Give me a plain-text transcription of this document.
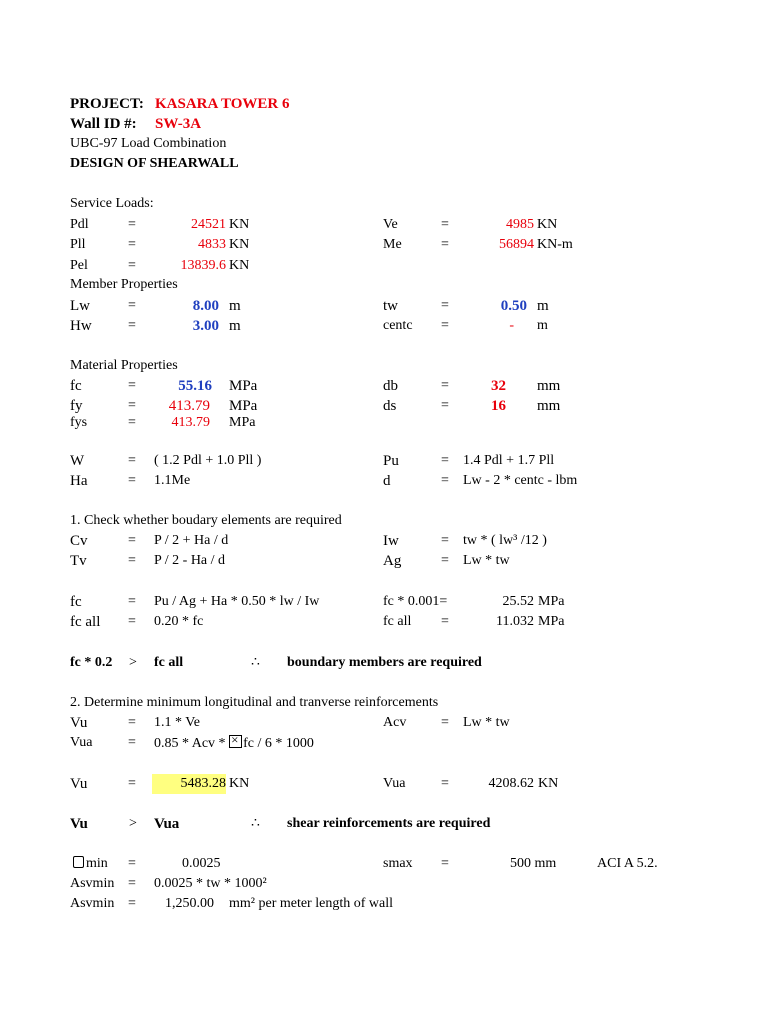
PROJECT: KASARA TOWER 6
Wall ID #: SW-3A
UBC-97 Load Combination
DESIGN OF SHEARWALL
Service Loads:
Pdl	=	24521 KN	Ve	=	4985 KN
Pll	=	4833 KN	Me	=	56894 KN-m
Pel	=	13839.6 KN
Member Properties
Lw	=	8.00 m	tw	=	0.50 m
Hw	=	3.00 m	centc =	- m
Material Properties
fc	=	55.16 MPa	db	=	32 mm
fy	=	413.79 MPa	ds	=	16 mm
fys	=	413.79 MPa
W	= ( 1.2 Pdl + 1.0 Pll )	Pu	= 1.4 Pdl + 1.7 Pll
Ha	= 1.1Me	d	= Lw - 2 * centc - lbm
1. Check whether boudary elements are required
Cv	= P / 2 + Ha / d	Iw	= tw * ( lw³ /12 )
Tv	= P / 2 - Ha / d	Ag	= Lw * tw
fc	= Pu / Ag + Ha * 0.50 * lw / Iw	fc * 0.001=	25.52 MPa
fc all = 0.20 * fc	fc all =	11.032 MPa
fc * 0.2 > fc all	∴ boundary members are required
2. Determine minimum longitudinal and tranverse reinforcements
Vu	= 1.1 * Ve	Acv = Lw * tw
Vua	= 0.85 * Acv * × fc / 6 * 1000
Vu	=	5483.28 KN	Vua	=	4208.62 KN
Vu	> Vua	∴ shear reinforcements are required
min =	0.0025	smax =	500 mm	ACI A 5.2.
Asvmin = 0.0025 * tw * 1000²
Asvmin = 1,250.00 mm² per meter length of wall
